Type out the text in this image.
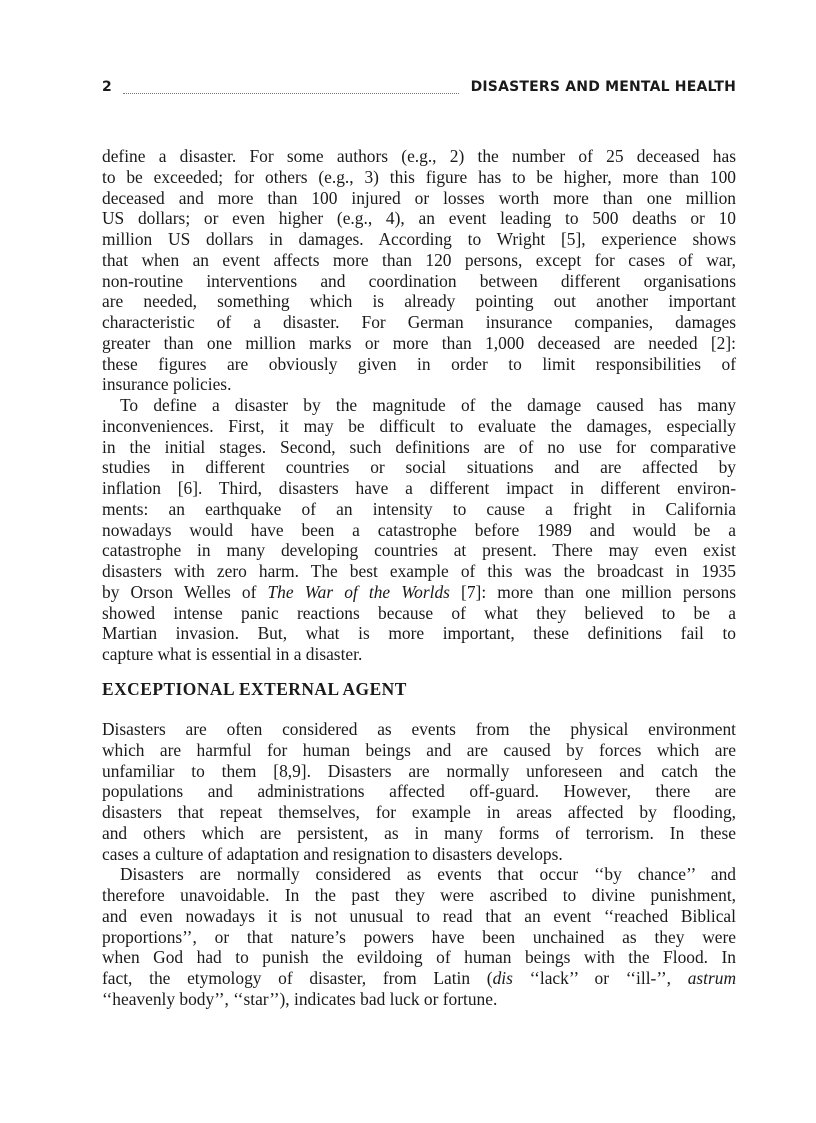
2	DISASTERS AND MENTAL HEALTH
define a disaster. For some authors (e.g., 2) the number of 25 deceased has
to be exceeded; for others (e.g., 3) this figure has to be higher, more than 100
deceased and more than 100 injured or losses worth more than one million
US dollars; or even higher (e.g., 4), an event leading to 500 deaths or 10
million US dollars in damages. According to Wright [5], experience shows
that when an event affects more than 120 persons, except for cases of war,
non-routine interventions and coordination between different organisations
are needed, something which is already pointing out another important
characteristic of a disaster. For German insurance companies, damages
greater than one million marks or more than 1,000 deceased are needed [2]:
these figures are obviously given in order to limit responsibilities of
insurance policies.
To define a disaster by the magnitude of the damage caused has many
inconveniences. First, it may be difficult to evaluate the damages, especially
in the initial stages. Second, such definitions are of no use for comparative
studies in different countries or social situations and are affected by
inflation [6]. Third, disasters have a different impact in different environ-
ments: an earthquake of an intensity to cause a fright in California
nowadays would have been a catastrophe before 1989 and would be a
catastrophe in many developing countries at present. There may even exist
disasters with zero harm. The best example of this was the broadcast in 1935
by Orson Welles of The War of the Worlds [7]: more than one million persons
showed intense panic reactions because of what they believed to be a
Martian invasion. But, what is more important, these definitions fail to
capture what is essential in a disaster.
EXCEPTIONAL EXTERNAL AGENT
Disasters are often considered as events from the physical environment
which are harmful for human beings and are caused by forces which are
unfamiliar to them [8,9]. Disasters are normally unforeseen and catch the
populations and administrations affected off-guard. However, there are
disasters that repeat themselves, for example in areas affected by flooding,
and others which are persistent, as in many forms of terrorism. In these
cases a culture of adaptation and resignation to disasters develops.
Disasters are normally considered as events that occur ‘‘by chance’’ and
therefore unavoidable. In the past they were ascribed to divine punishment,
and even nowadays it is not unusual to read that an event ‘‘reached Biblical
proportions’’, or that nature’s powers have been unchained as they were
when God had to punish the evildoing of human beings with the Flood. In
fact, the etymology of disaster, from Latin (dis ‘‘lack’’ or ‘‘ill-’’, astrum
‘‘heavenly body’’, ‘‘star’’), indicates bad luck or fortune.
